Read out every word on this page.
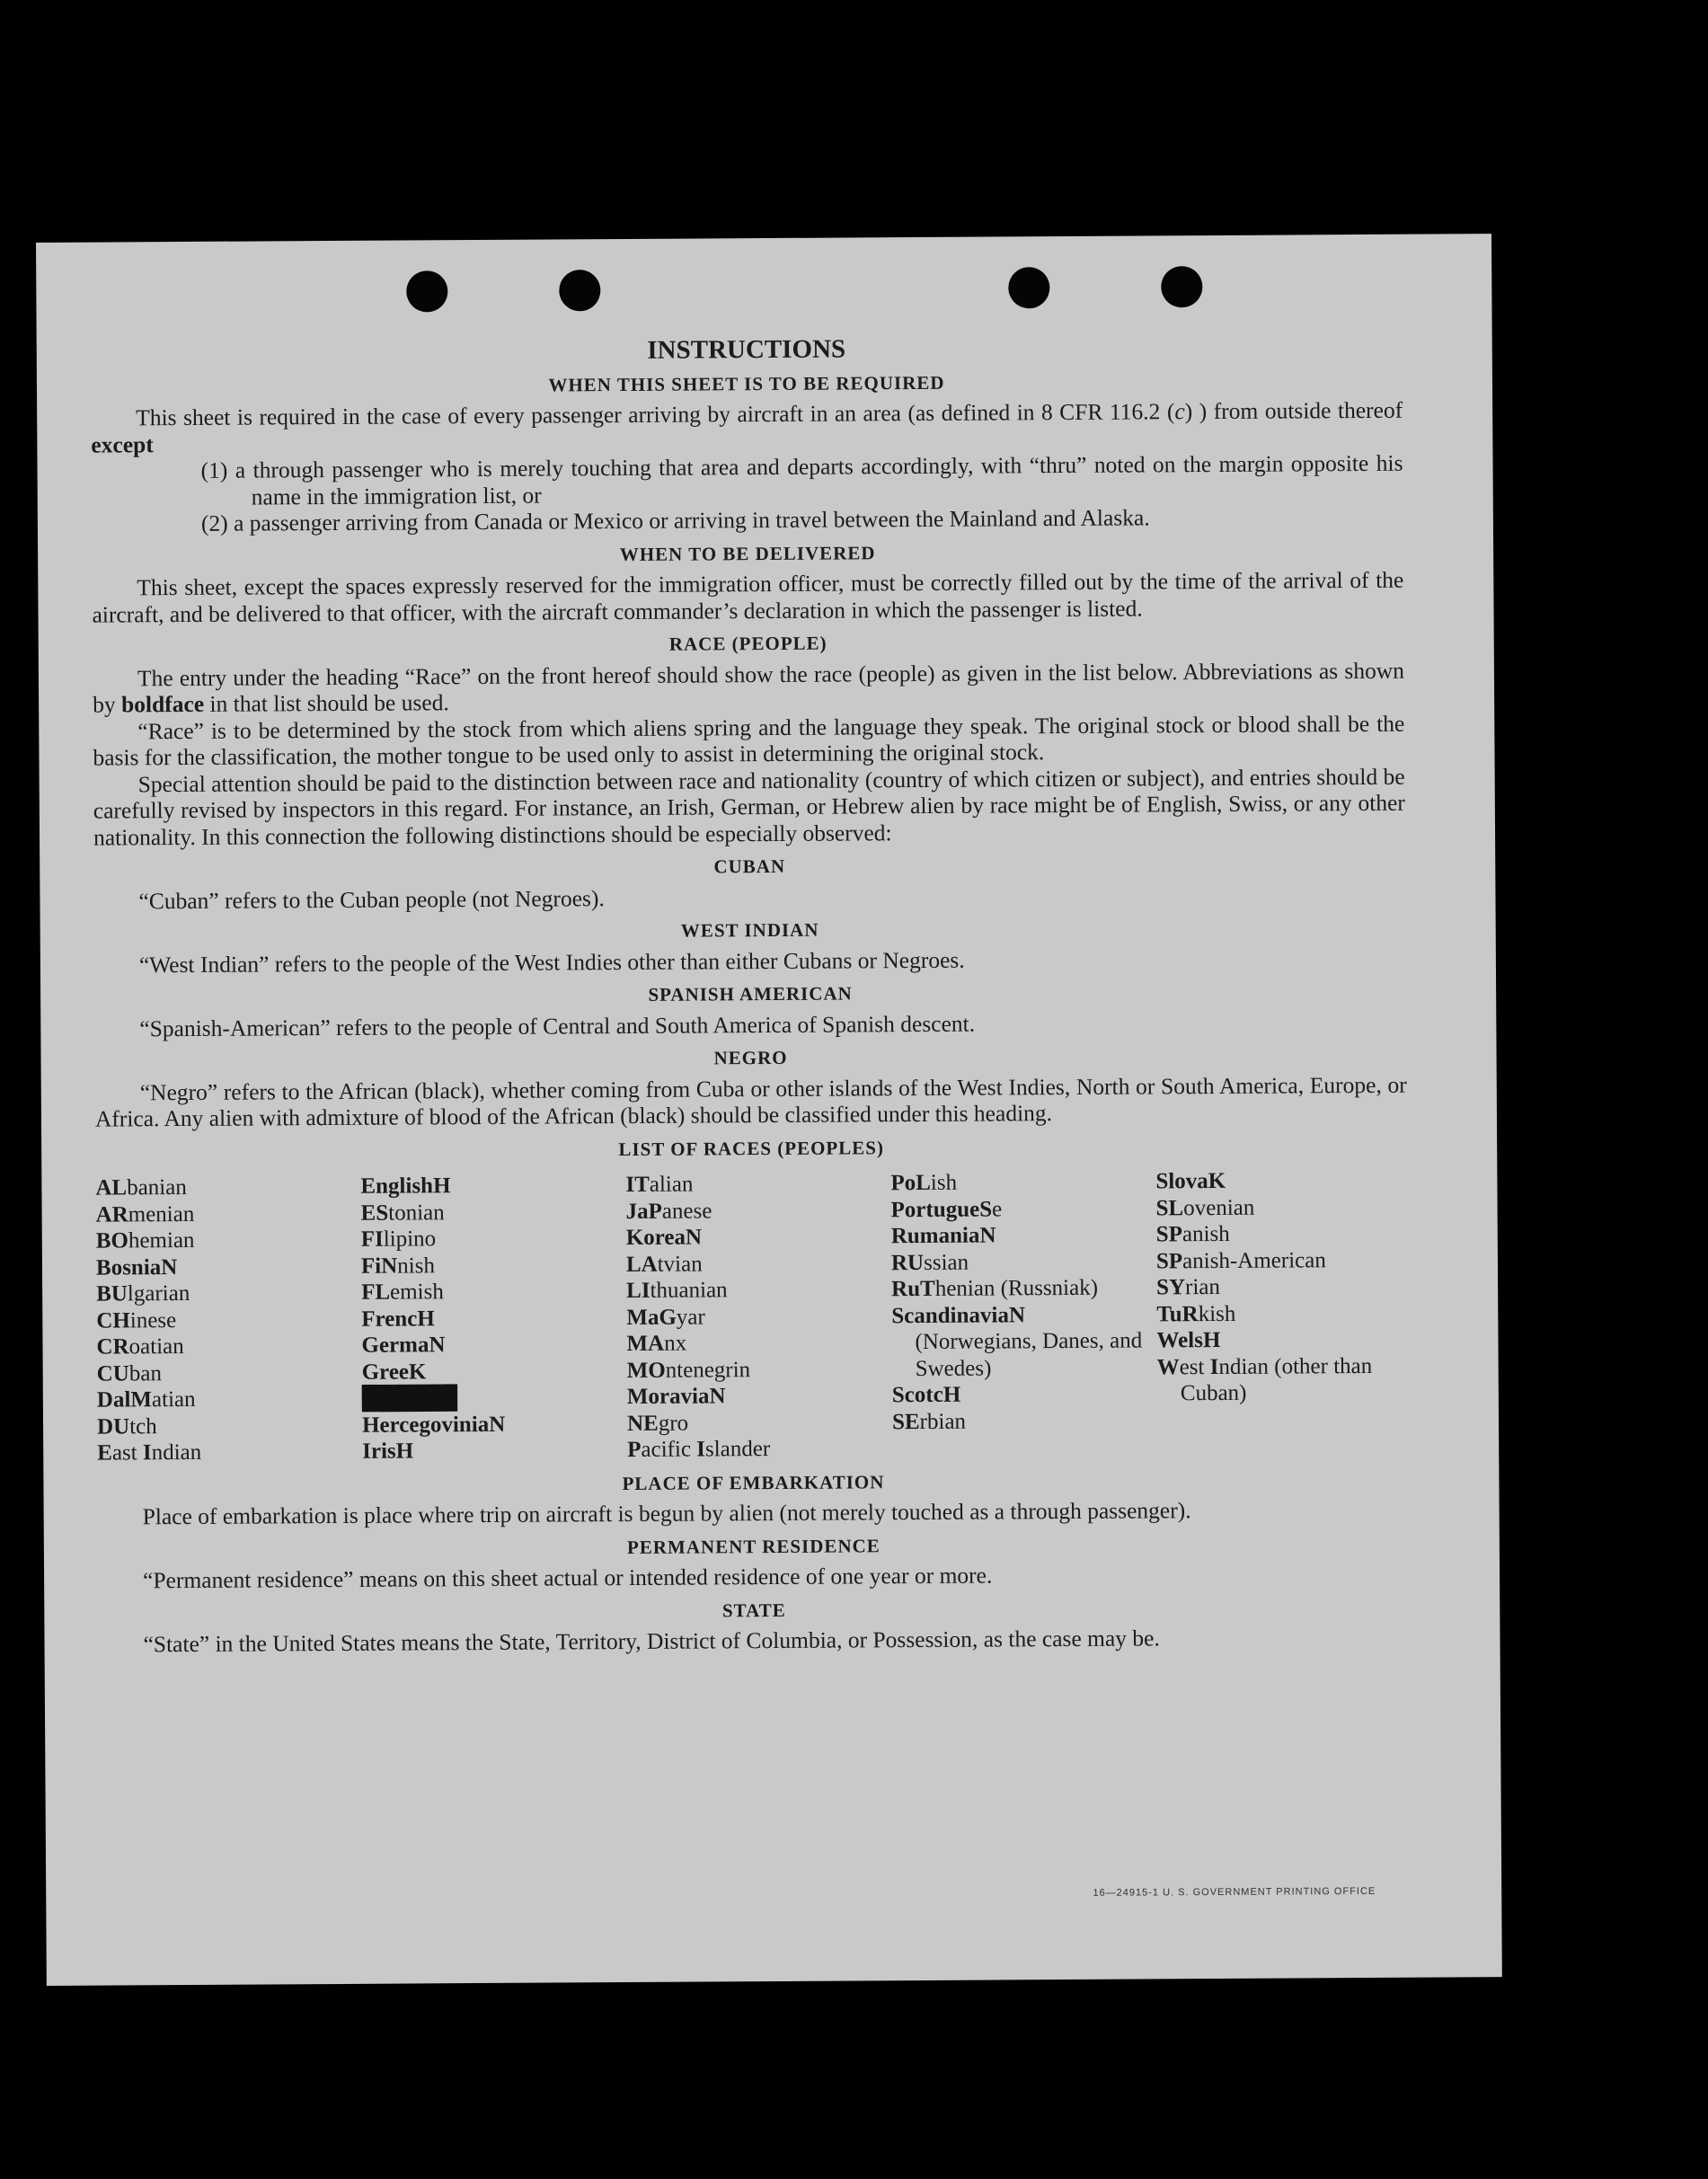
INSTRUCTIONS
WHEN THIS SHEET IS TO BE REQUIRED

This sheet is required in the case of every passenger arriving by aircraft in an area (as defined in 8 CFR 116.2 (c) ) from outside thereof except

(1) a through passenger who is merely touching that area and departs accordingly, with “thru” noted on the margin opposite his name in the immigration list, or
(2) a passenger arriving from Canada or Mexico or arriving in travel between the Mainland and Alaska.
WHEN TO BE DELIVERED

This sheet, except the spaces expressly reserved for the immigration officer, must be correctly filled out by the time of the arrival of the aircraft, and be delivered to that officer, with the aircraft commander’s declaration in which the passenger is listed.

RACE (PEOPLE)

The entry under the heading “Race” on the front hereof should show the race (people) as given in the list below. Abbreviations as shown by boldface in that list should be used.

“Race” is to be determined by the stock from which aliens spring and the language they speak. The original stock or blood shall be the basis for the classification, the mother tongue to be used only to assist in determining the original stock.

Special attention should be paid to the distinction between race and nationality (country of which citizen or subject), and entries should be carefully revised by inspectors in this regard. For instance, an Irish, German, or Hebrew alien by race might be of English, Swiss, or any other nationality. In this connection the following distinctions should be especially observed:

CUBAN

“Cuban” refers to the Cuban people (not Negroes).

WEST INDIAN

“West Indian” refers to the people of the West Indies other than either Cubans or Negroes.

SPANISH AMERICAN

“Spanish-American” refers to the people of Central and South America of Spanish descent.

NEGRO

“Negro” refers to the African (black), whether coming from Cuba or other islands of the West Indies, North or South America, Europe, or Africa. Any alien with admixture of blood of the African (black) should be classified under this heading.

LIST OF RACES (PEOPLES)
ALbanian
ARmenian
BOhemian
BosniaN
BUlgarian
CHinese
CRoatian
CUban
DalMatian
DUtch
East Indian
EnglishH
EStonian
FIlipino
FiNnish
FLemish
FrencH
GermaN
GreeK
██████
HercegoviniaN
IrisH
ITalian
JaPanese
KoreaN
LAtvian
LIthuanian
MaGyar
MAnx
MOntenegrin
MoraviaN
NEgro
Pacific Islander
PoLish
PortugueSe
RumaniaN
RUssian
RuThenian (Russniak)
ScandinaviaN (Norwegians, Danes, and Swedes)
ScotcH
SErbian
SlovaK
SLovenian
SPanish
SPanish-American
SYrian
TuRkish
WelsH
West Indian (other than Cuban)
PLACE OF EMBARKATION

Place of embarkation is place where trip on aircraft is begun by alien (not merely touched as a through passenger).

PERMANENT RESIDENCE

“Permanent residence” means on this sheet actual or intended residence of one year or more.

STATE

“State” in the United States means the State, Territory, District of Columbia, or Possession, as the case may be.

16—24915-1 U. S. GOVERNMENT PRINTING OFFICE
